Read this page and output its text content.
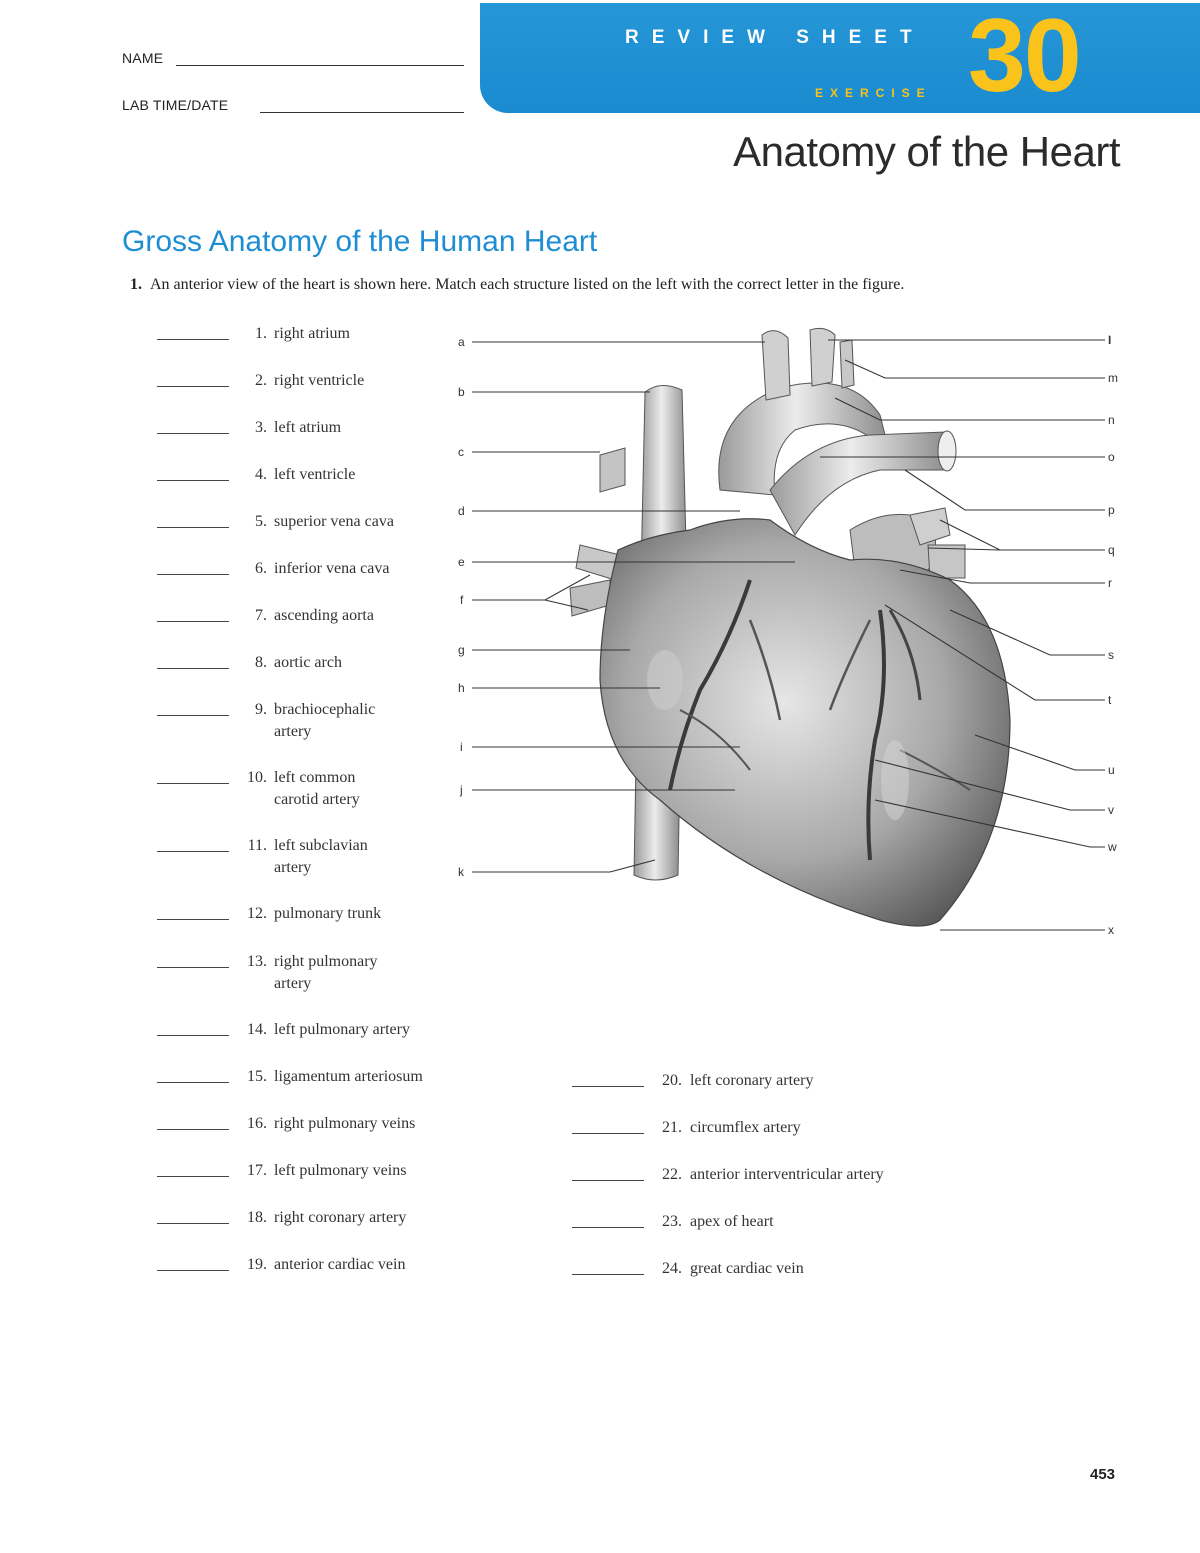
NAME
LAB TIME/DATE
REVIEW SHEET
EXERCISE 30
Anatomy of the Heart
Gross Anatomy of the Human Heart
1. An anterior view of the heart is shown here. Match each structure listed on the left with the correct letter in the figure.
1. right atrium
2. right ventricle
3. left atrium
4. left ventricle
5. superior vena cava
6. inferior vena cava
7. ascending aorta
8. aortic arch
9. brachiocephalic artery
10. left common carotid artery
11. left subclavian artery
12. pulmonary trunk
13. right pulmonary artery
14. left pulmonary artery
15. ligamentum arteriosum
16. right pulmonary veins
17. left pulmonary veins
18. right coronary artery
19. anterior cardiac vein
20. left coronary artery
21. circumflex artery
22. anterior interventricular artery
23. apex of heart
24. great cardiac vein
a
b
c
d
e
f
g
h
i
j
k
l
m
n
o
p
q
r
s
t
u
v
w
x
453
